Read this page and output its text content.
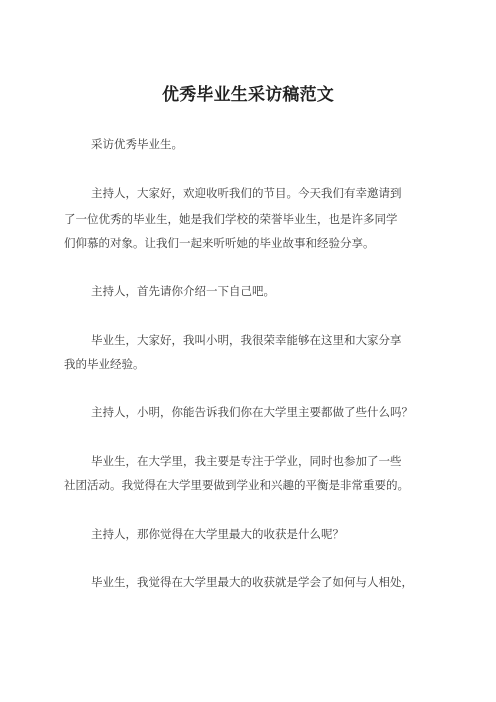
优秀毕业生采访稿范文
采访优秀毕业生。
主持人，大家好，欢迎收听我们的节目。今天我们有幸邀请到
了一位优秀的毕业生，她是我们学校的荣誉毕业生，也是许多同学
们仰慕的对象。让我们一起来听听她的毕业故事和经验分享。
主持人，首先请你介绍一下自己吧。
毕业生，大家好，我叫小明，我很荣幸能够在这里和大家分享
我的毕业经验。
主持人，小明，你能告诉我们你在大学里主要都做了些什么吗？
毕业生，在大学里，我主要是专注于学业，同时也参加了一些
社团活动。我觉得在大学里要做到学业和兴趣的平衡是非常重要的。
主持人，那你觉得在大学里最大的收获是什么呢？
毕业生，我觉得在大学里最大的收获就是学会了如何与人相处，
